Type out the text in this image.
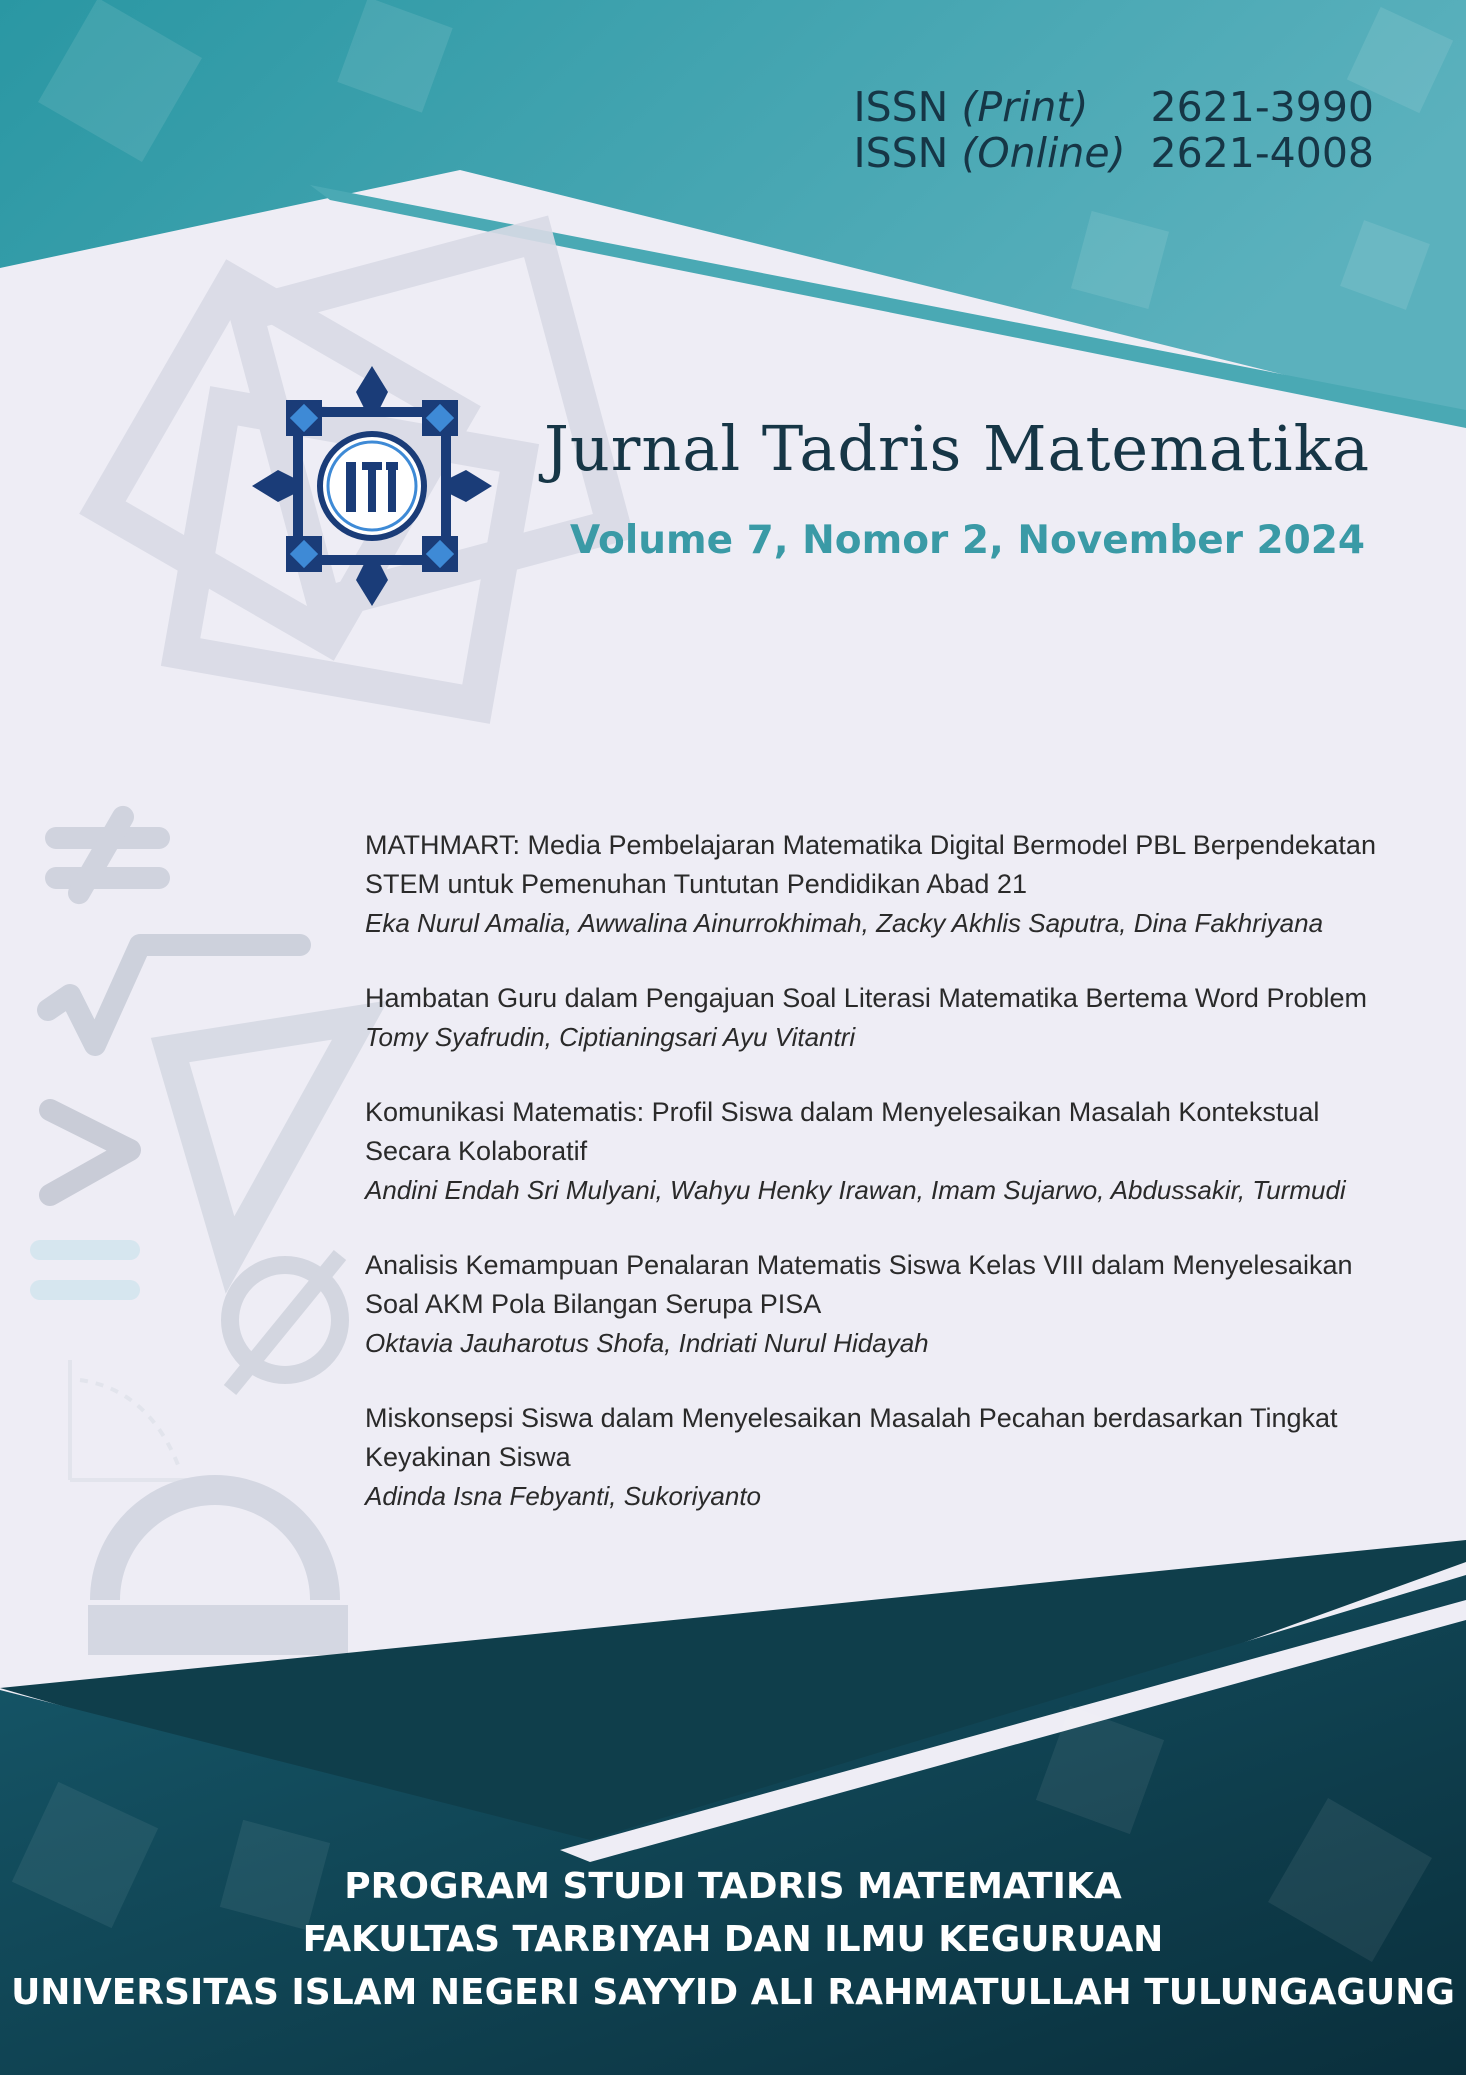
ISSN (Print)	2621-3990
ISSN (Online) 2621-4008
Jurnal Tadris Matematika
Volume 7, Nomor 2, November 2024
MATHMART: Media Pembelajaran Matematika Digital Bermodel PBL Berpendekatan STEM untuk Pemenuhan Tuntutan Pendidikan Abad 21
Eka Nurul Amalia, Awwalina Ainurrokhimah, Zacky Akhlis Saputra, Dina Fakhriyana
Hambatan Guru dalam Pengajuan Soal Literasi Matematika Bertema Word Problem
Tomy Syafrudin, Ciptianingsari Ayu Vitantri
Komunikasi Matematis: Profil Siswa dalam Menyelesaikan Masalah Kontekstual Secara Kolaboratif
Andini Endah Sri Mulyani, Wahyu Henky Irawan, Imam Sujarwo, Abdussakir, Turmudi
Analisis Kemampuan Penalaran Matematis Siswa Kelas VIII dalam Menyelesaikan Soal AKM Pola Bilangan Serupa PISA
Oktavia Jauharotus Shofa, Indriati Nurul Hidayah
Miskonsepsi Siswa dalam Menyelesaikan Masalah Pecahan berdasarkan Tingkat Keyakinan Siswa
Adinda Isna Febyanti, Sukoriyanto
PROGRAM STUDI TADRIS MATEMATIKA
FAKULTAS TARBIYAH DAN ILMU KEGURUAN
UNIVERSITAS ISLAM NEGERI SAYYID ALI RAHMATULLAH TULUNGAGUNG
